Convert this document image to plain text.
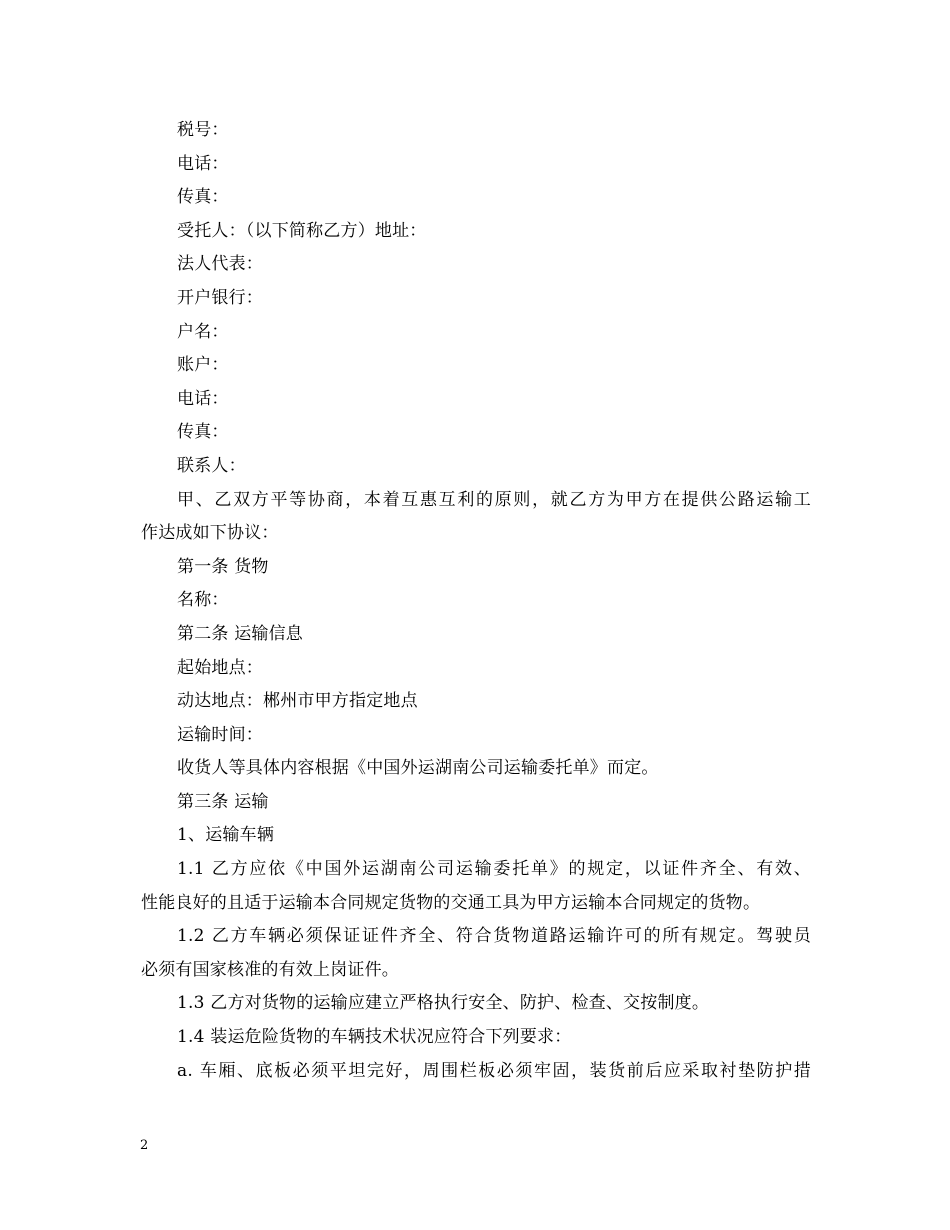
税号：
电话：
传真：
受托人：（以下简称乙方）地址：
法人代表：
开户银行：
户名：
账户：
电话：
传真：
联系人：
甲、乙双方平等协商，本着互惠互利的原则，就乙方为甲方在提供公路运输工
作达成如下协议：
第一条 货物
名称：
第二条 运输信息
起始地点：
动达地点：郴州市甲方指定地点
运输时间：
收货人等具体内容根据《中国外运湖南公司运输委托单》而定。
第三条 运输
1、运输车辆
1.1 乙方应依《中国外运湖南公司运输委托单》的规定，以证件齐全、有效、
性能良好的且适于运输本合同规定货物的交通工具为甲方运输本合同规定的货物。
1.2 乙方车辆必须保证证件齐全、符合货物道路运输许可的所有规定。驾驶员
必须有国家核准的有效上岗证件。
1.3 乙方对货物的运输应建立严格执行安全、防护、检查、交按制度。
1.4 装运危险货物的车辆技术状况应符合下列要求：
a. 车厢、底板必须平坦完好，周围栏板必须牢固，装货前后应采取衬垫防护措
2
